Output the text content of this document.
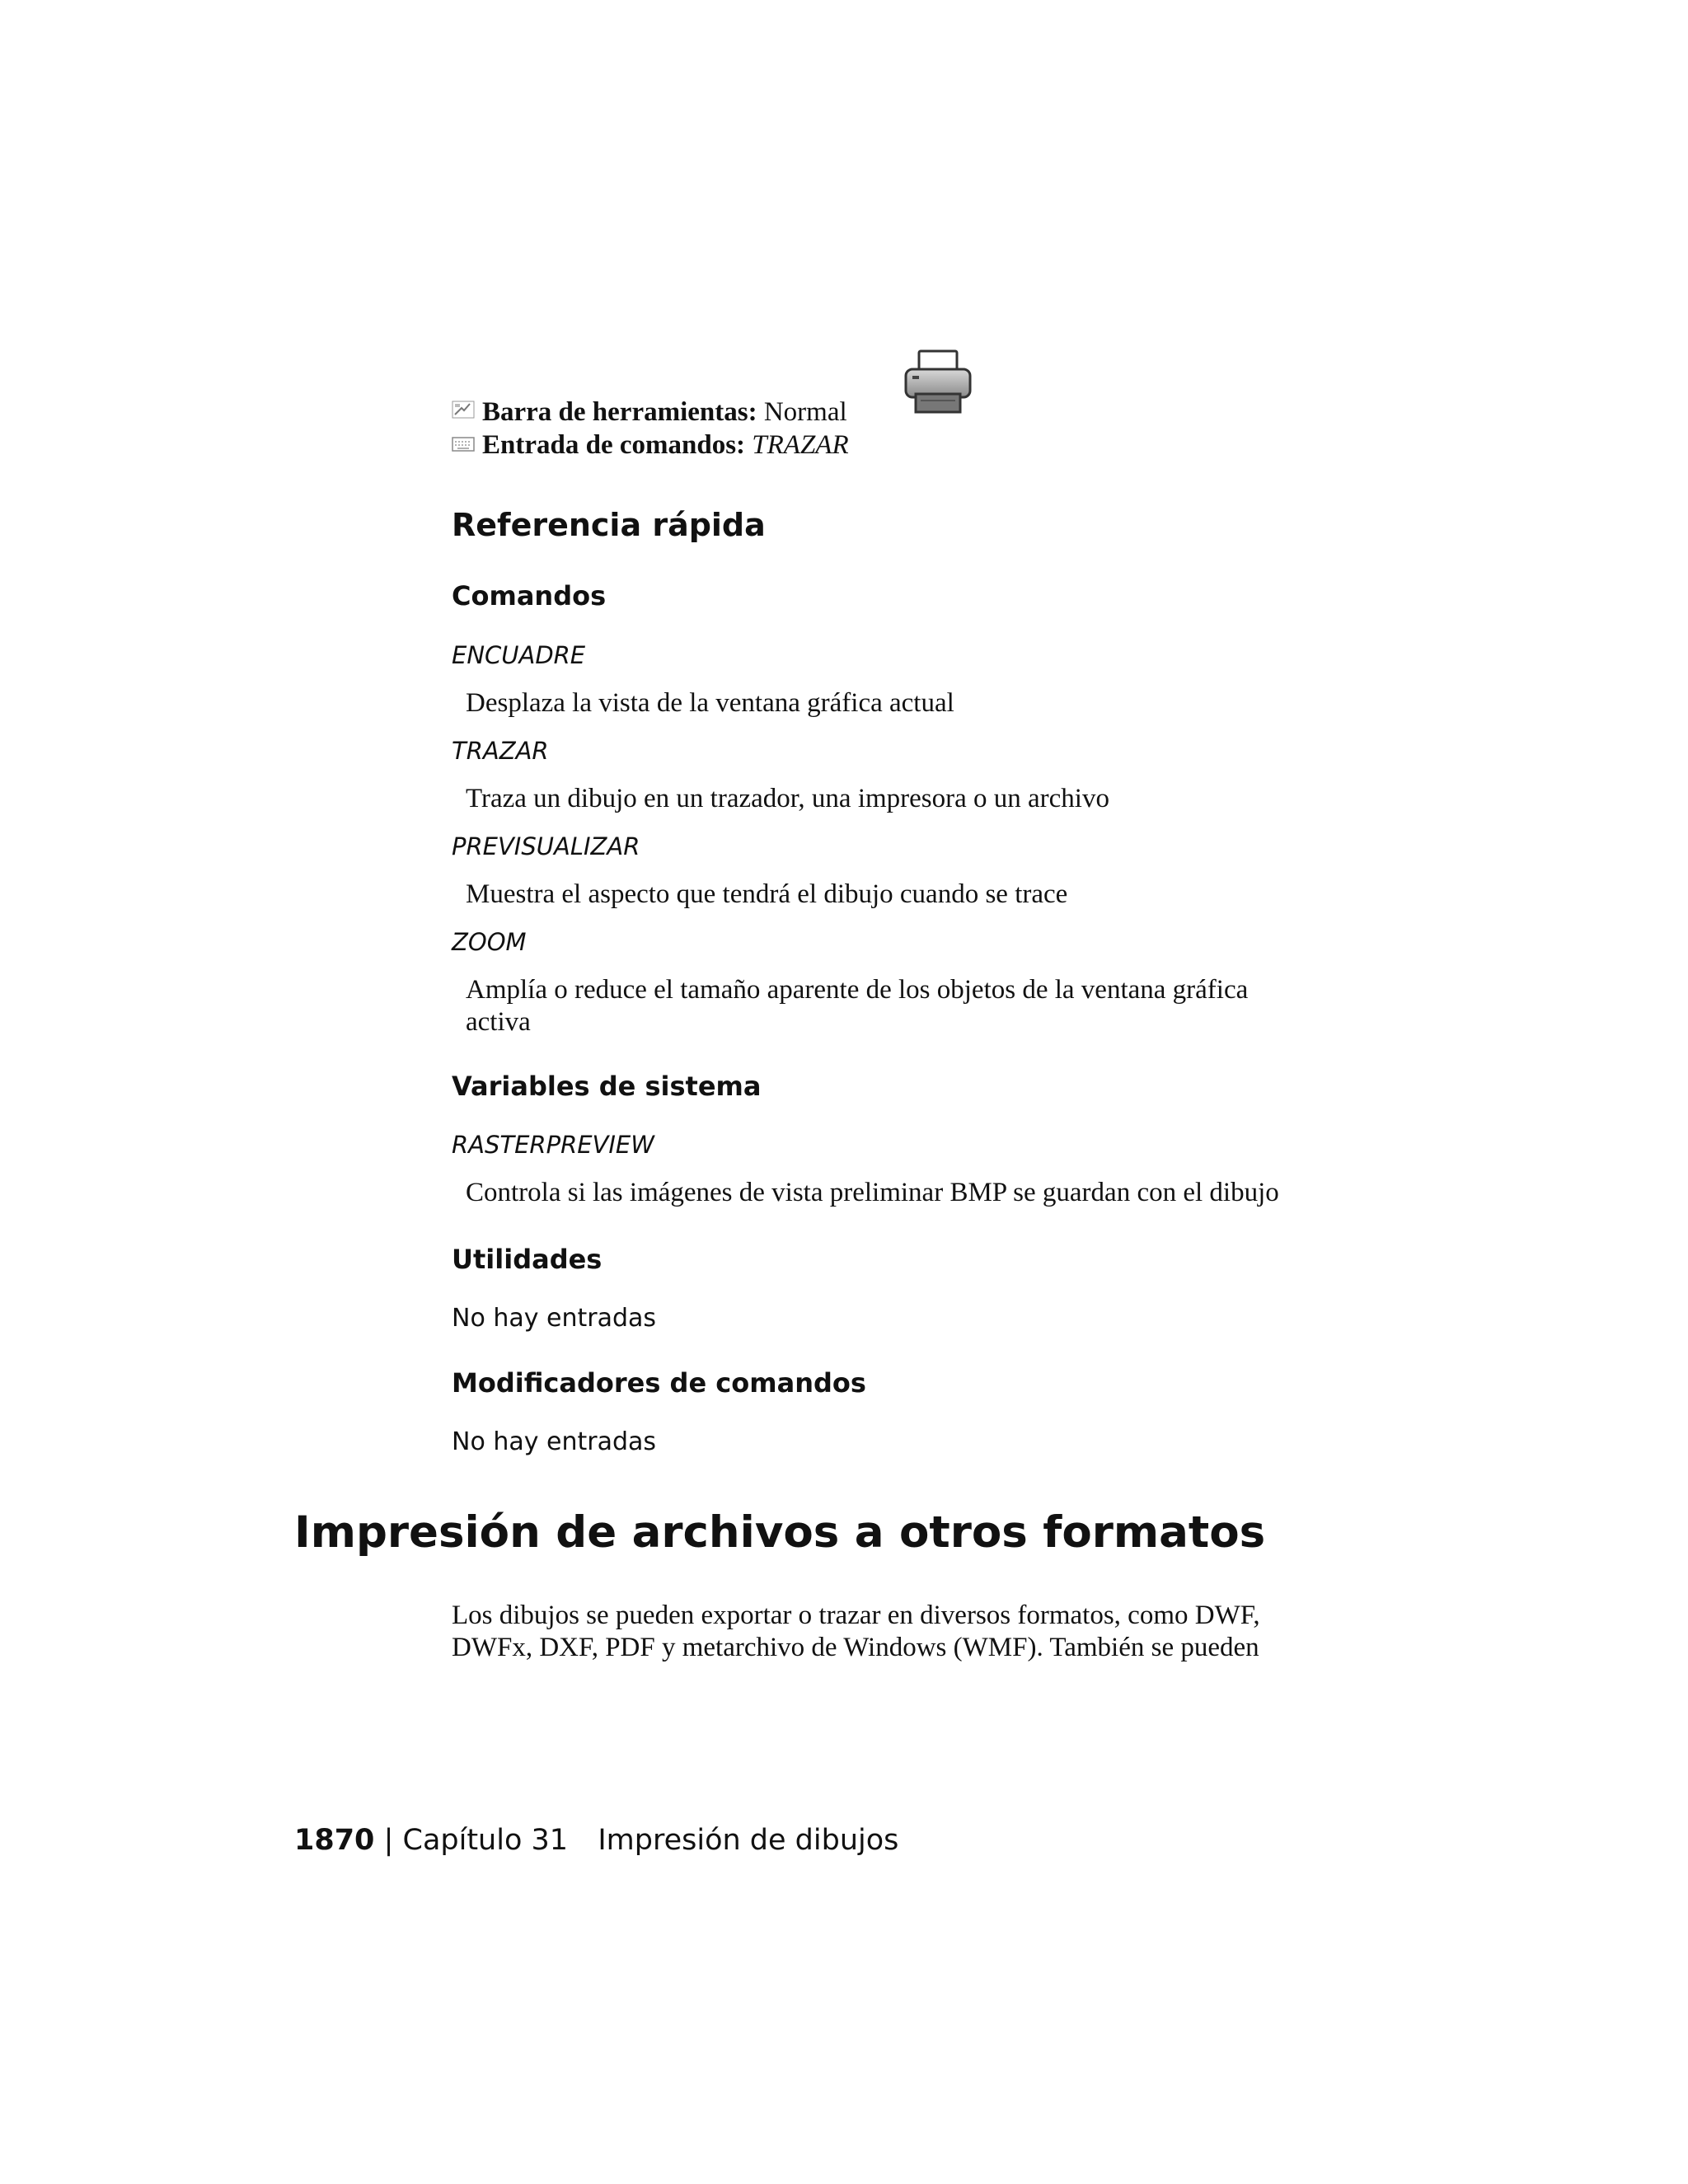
Barra de herramientas: Normal
Entrada de comandos: TRAZAR
Referencia rápida
Comandos
ENCUADRE
Desplaza la vista de la ventana gráfica actual
TRAZAR
Traza un dibujo en un trazador, una impresora o un archivo
PREVISUALIZAR
Muestra el aspecto que tendrá el dibujo cuando se trace
ZOOM
Amplía o reduce el tamaño aparente de los objetos de la ventana gráfica
activa
Variables de sistema
RASTERPREVIEW
Controla si las imágenes de vista preliminar BMP se guardan con el dibujo
Utilidades
No hay entradas
Modificadores de comandos
No hay entradas
Impresión de archivos a otros formatos
Los dibujos se pueden exportar o trazar en diversos formatos, como DWF,
DWFx, DXF, PDF y metarchivo de Windows (WMF). También se pueden
1870 | Capítulo 31 Impresión de dibujos
